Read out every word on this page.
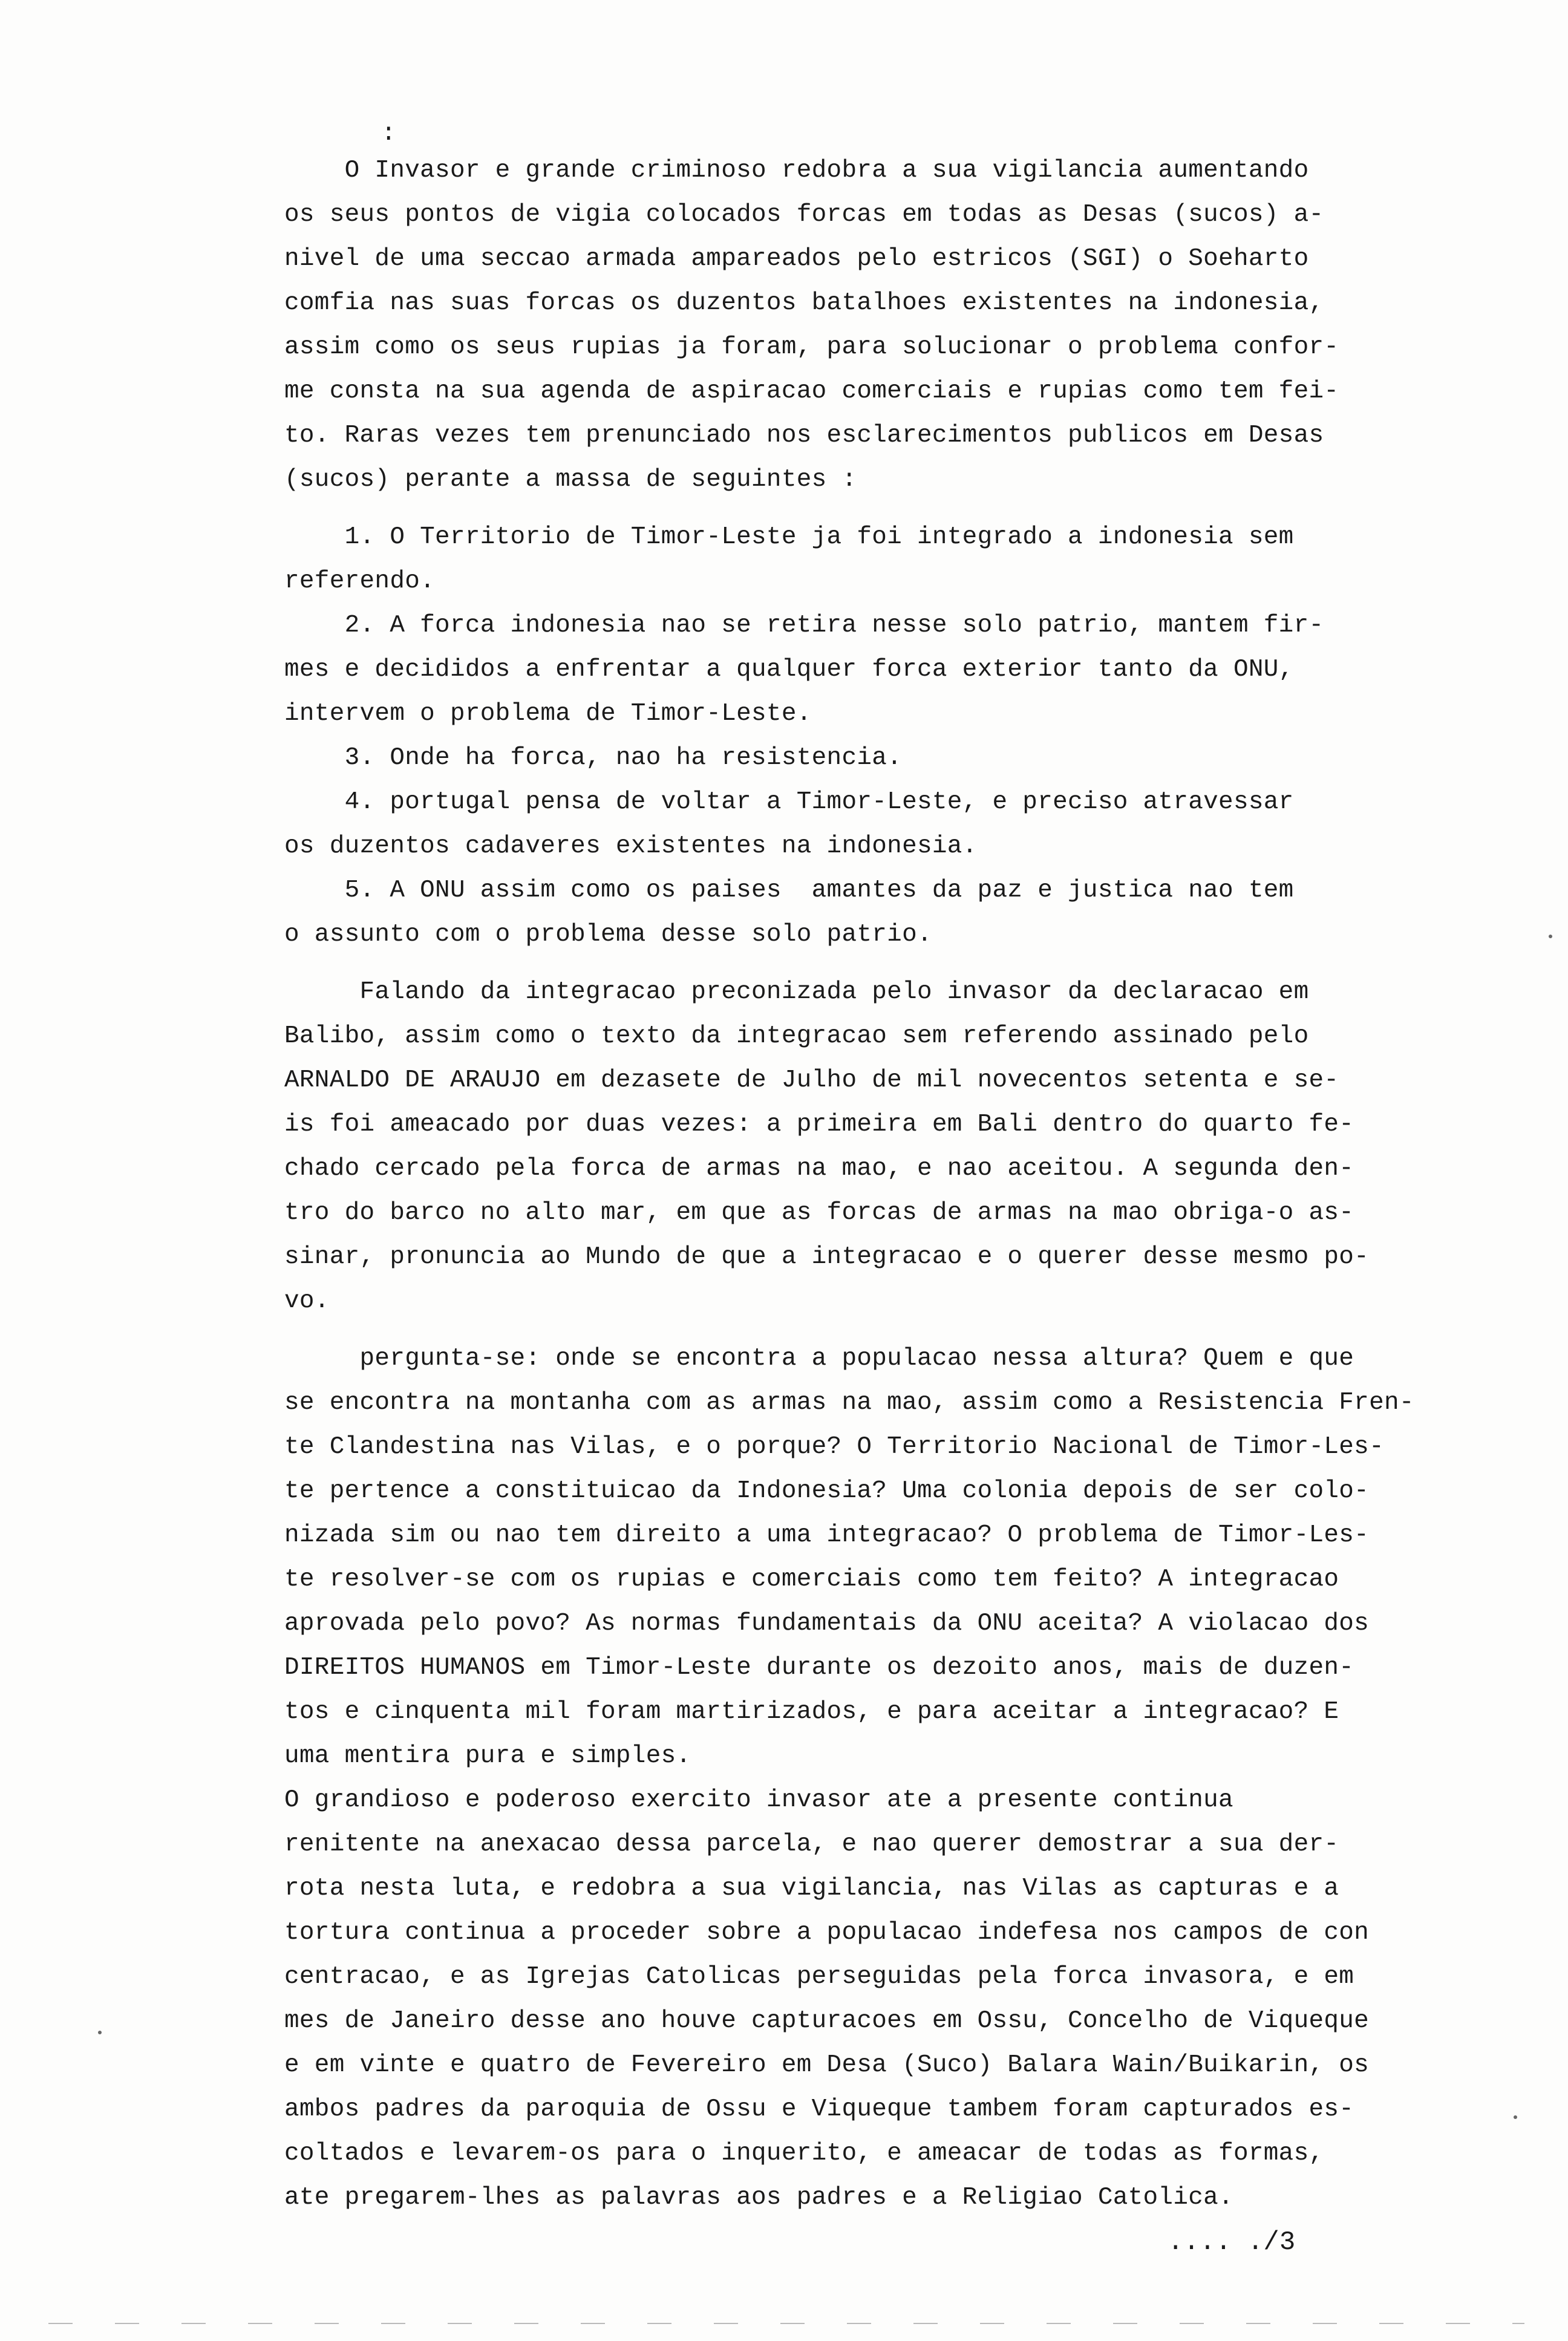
:
O Invasor e grande criminoso redobra a sua vigilancia aumentando
os seus pontos de vigia colocados forcas em todas as Desas (sucos) a-
nivel de uma seccao armada ampareados pelo estricos (SGI) o Soeharto
comfia nas suas forcas os duzentos batalhoes existentes na indonesia,
assim como os seus rupias ja foram, para solucionar o problema confor-
me consta na sua agenda de aspiracao comerciais e rupias como tem fei-
to. Raras vezes tem prenunciado nos esclarecimentos publicos em Desas
(sucos) perante a massa de seguintes :
1. O Territorio de Timor-Leste ja foi integrado a indonesia sem
referendo.
2. A forca indonesia nao se retira nesse solo patrio, mantem fir-
mes e decididos a enfrentar a qualquer forca exterior tanto da ONU,
intervem o problema de Timor-Leste.
3. Onde ha forca, nao ha resistencia.
4. portugal pensa de voltar a Timor-Leste, e preciso atravessar
os duzentos cadaveres existentes na indonesia.
5. A ONU assim como os paises  amantes da paz e justica nao tem
o assunto com o problema desse solo patrio.
Falando da integracao preconizada pelo invasor da declaracao em
Balibo, assim como o texto da integracao sem referendo assinado pelo
ARNALDO DE ARAUJO em dezasete de Julho de mil novecentos setenta e se-
is foi ameacado por duas vezes: a primeira em Bali dentro do quarto fe-
chado cercado pela forca de armas na mao, e nao aceitou. A segunda den-
tro do barco no alto mar, em que as forcas de armas na mao obriga-o as-
sinar, pronuncia ao Mundo de que a integracao e o querer desse mesmo po-
vo.
pergunta-se: onde se encontra a populacao nessa altura? Quem e que
se encontra na montanha com as armas na mao, assim como a Resistencia Fren-
te Clandestina nas Vilas, e o porque? O Territorio Nacional de Timor-Les-
te pertence a constituicao da Indonesia? Uma colonia depois de ser colo-
nizada sim ou nao tem direito a uma integracao? O problema de Timor-Les-
te resolver-se com os rupias e comerciais como tem feito? A integracao
aprovada pelo povo? As normas fundamentais da ONU aceita? A violacao dos
DIREITOS HUMANOS em Timor-Leste durante os dezoito anos, mais de duzen-
tos e cinquenta mil foram martirizados, e para aceitar a integracao? E
uma mentira pura e simples.
O grandioso e poderoso exercito invasor ate a presente continua
renitente na anexacao dessa parcela, e nao querer demostrar a sua der-
rota nesta luta, e redobra a sua vigilancia, nas Vilas as capturas e a
tortura continua a proceder sobre a populacao indefesa nos campos de con
centracao, e as Igrejas Catolicas perseguidas pela forca invasora, e em
mes de Janeiro desse ano houve capturacoes em Ossu, Concelho de Viqueque
e em vinte e quatro de Fevereiro em Desa (Suco) Balara Wain/Buikarin, os
ambos padres da paroquia de Ossu e Viqueque tambem foram capturados es-
coltados e levarem-os para o inquerito, e ameacar de todas as formas,
ate pregarem-lhes as palavras aos padres e a Religiao Catolica.
.... ./3
